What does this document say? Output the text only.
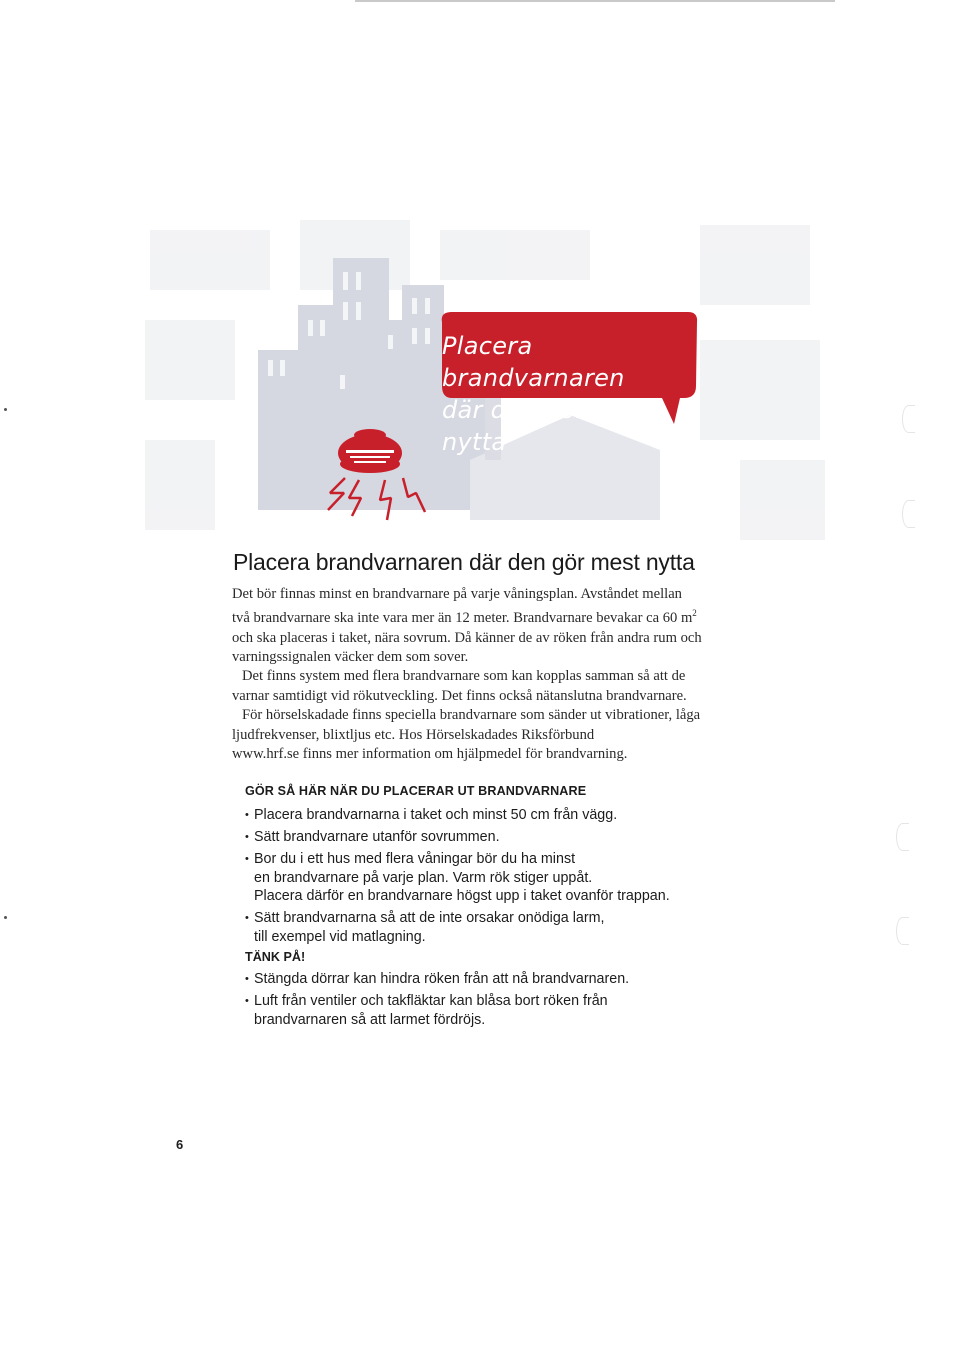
Placera brandvarnaren
där den gör mest nytta
Placera brandvarnaren där den gör mest nytta

Det bör finnas minst en brandvarnare på varje våningsplan. Avståndet mellan
två brandvarnare ska inte vara mer än 12 meter. Brandvarnare bevakar ca 60 $m^2$
och ska placeras i taket, nära sovrum. Då känner de av röken från andra rum och
varningssignalen väcker dem som sover.

Det finns system med flera brandvarnare som kan kopplas samman så att de
varnar samtidigt vid rökutveckling. Det finns också nätanslutna brandvarnare.

För hörselskadade finns speciella brandvarnare som sänder ut vibrationer, låga
ljudfrekvenser, blixtljus etc. Hos Hörselskadades Riksförbund
www.hrf.se finns mer information om hjälpmedel för brandvarning.

GÖR SÅ HÄR NÄR DU PLACERAR UT BRANDVARNARE
• Placera brandvarnarna i taket och minst 50 cm från vägg.
• Sätt brandvarnare utanför sovrummen.
• Bor du i ett hus med flera våningar bör du ha minst
en brandvarnare på varje plan. Varm rök stiger uppåt.
Placera därför en brandvarnare högst upp i taket ovanför trappan.
• Sätt brandvarnarna så att de inte orsakar onödiga larm,
till exempel vid matlagning.
TÄNK PÅ!
• Stängda dörrar kan hindra röken från att nå brandvarnaren.
• Luft från ventiler och takfläktar kan blåsa bort röken från
brandvarnaren så att larmet fördröjs.
6
